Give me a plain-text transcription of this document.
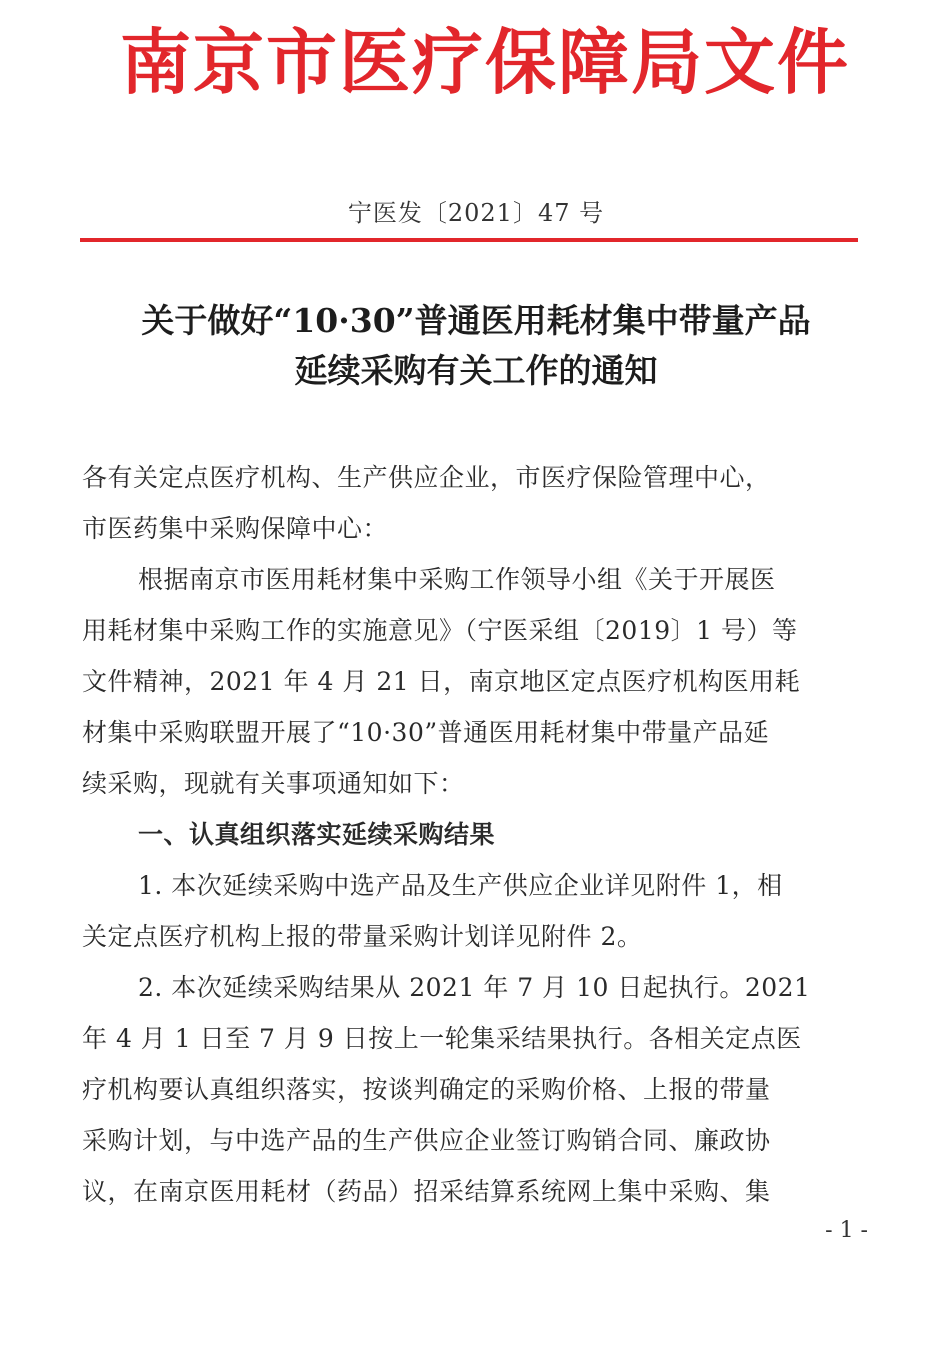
南京市医疗保障局文件
宁医发〔2021〕47 号
关于做好“10·30”普通医用耗材集中带量产品
延续采购有关工作的通知
各有关定点医疗机构、生产供应企业，市医疗保险管理中心，
市医药集中采购保障中心：
根据南京市医用耗材集中采购工作领导小组《关于开展医
用耗材集中采购工作的实施意见》（宁医采组〔2019〕1 号）等
文件精神，2021 年 4 月 21 日，南京地区定点医疗机构医用耗
材集中采购联盟开展了“10·30”普通医用耗材集中带量产品延
续采购，现就有关事项通知如下：
一、认真组织落实延续采购结果
1. 本次延续采购中选产品及生产供应企业详见附件 1，相
关定点医疗机构上报的带量采购计划详见附件 2。
2. 本次延续采购结果从 2021 年 7 月 10 日起执行。2021
年 4 月 1 日至 7 月 9 日按上一轮集采结果执行。各相关定点医
疗机构要认真组织落实，按谈判确定的采购价格、上报的带量
采购计划，与中选产品的生产供应企业签订购销合同、廉政协
议，在南京医用耗材（药品）招采结算系统网上集中采购、集
- 1 -
